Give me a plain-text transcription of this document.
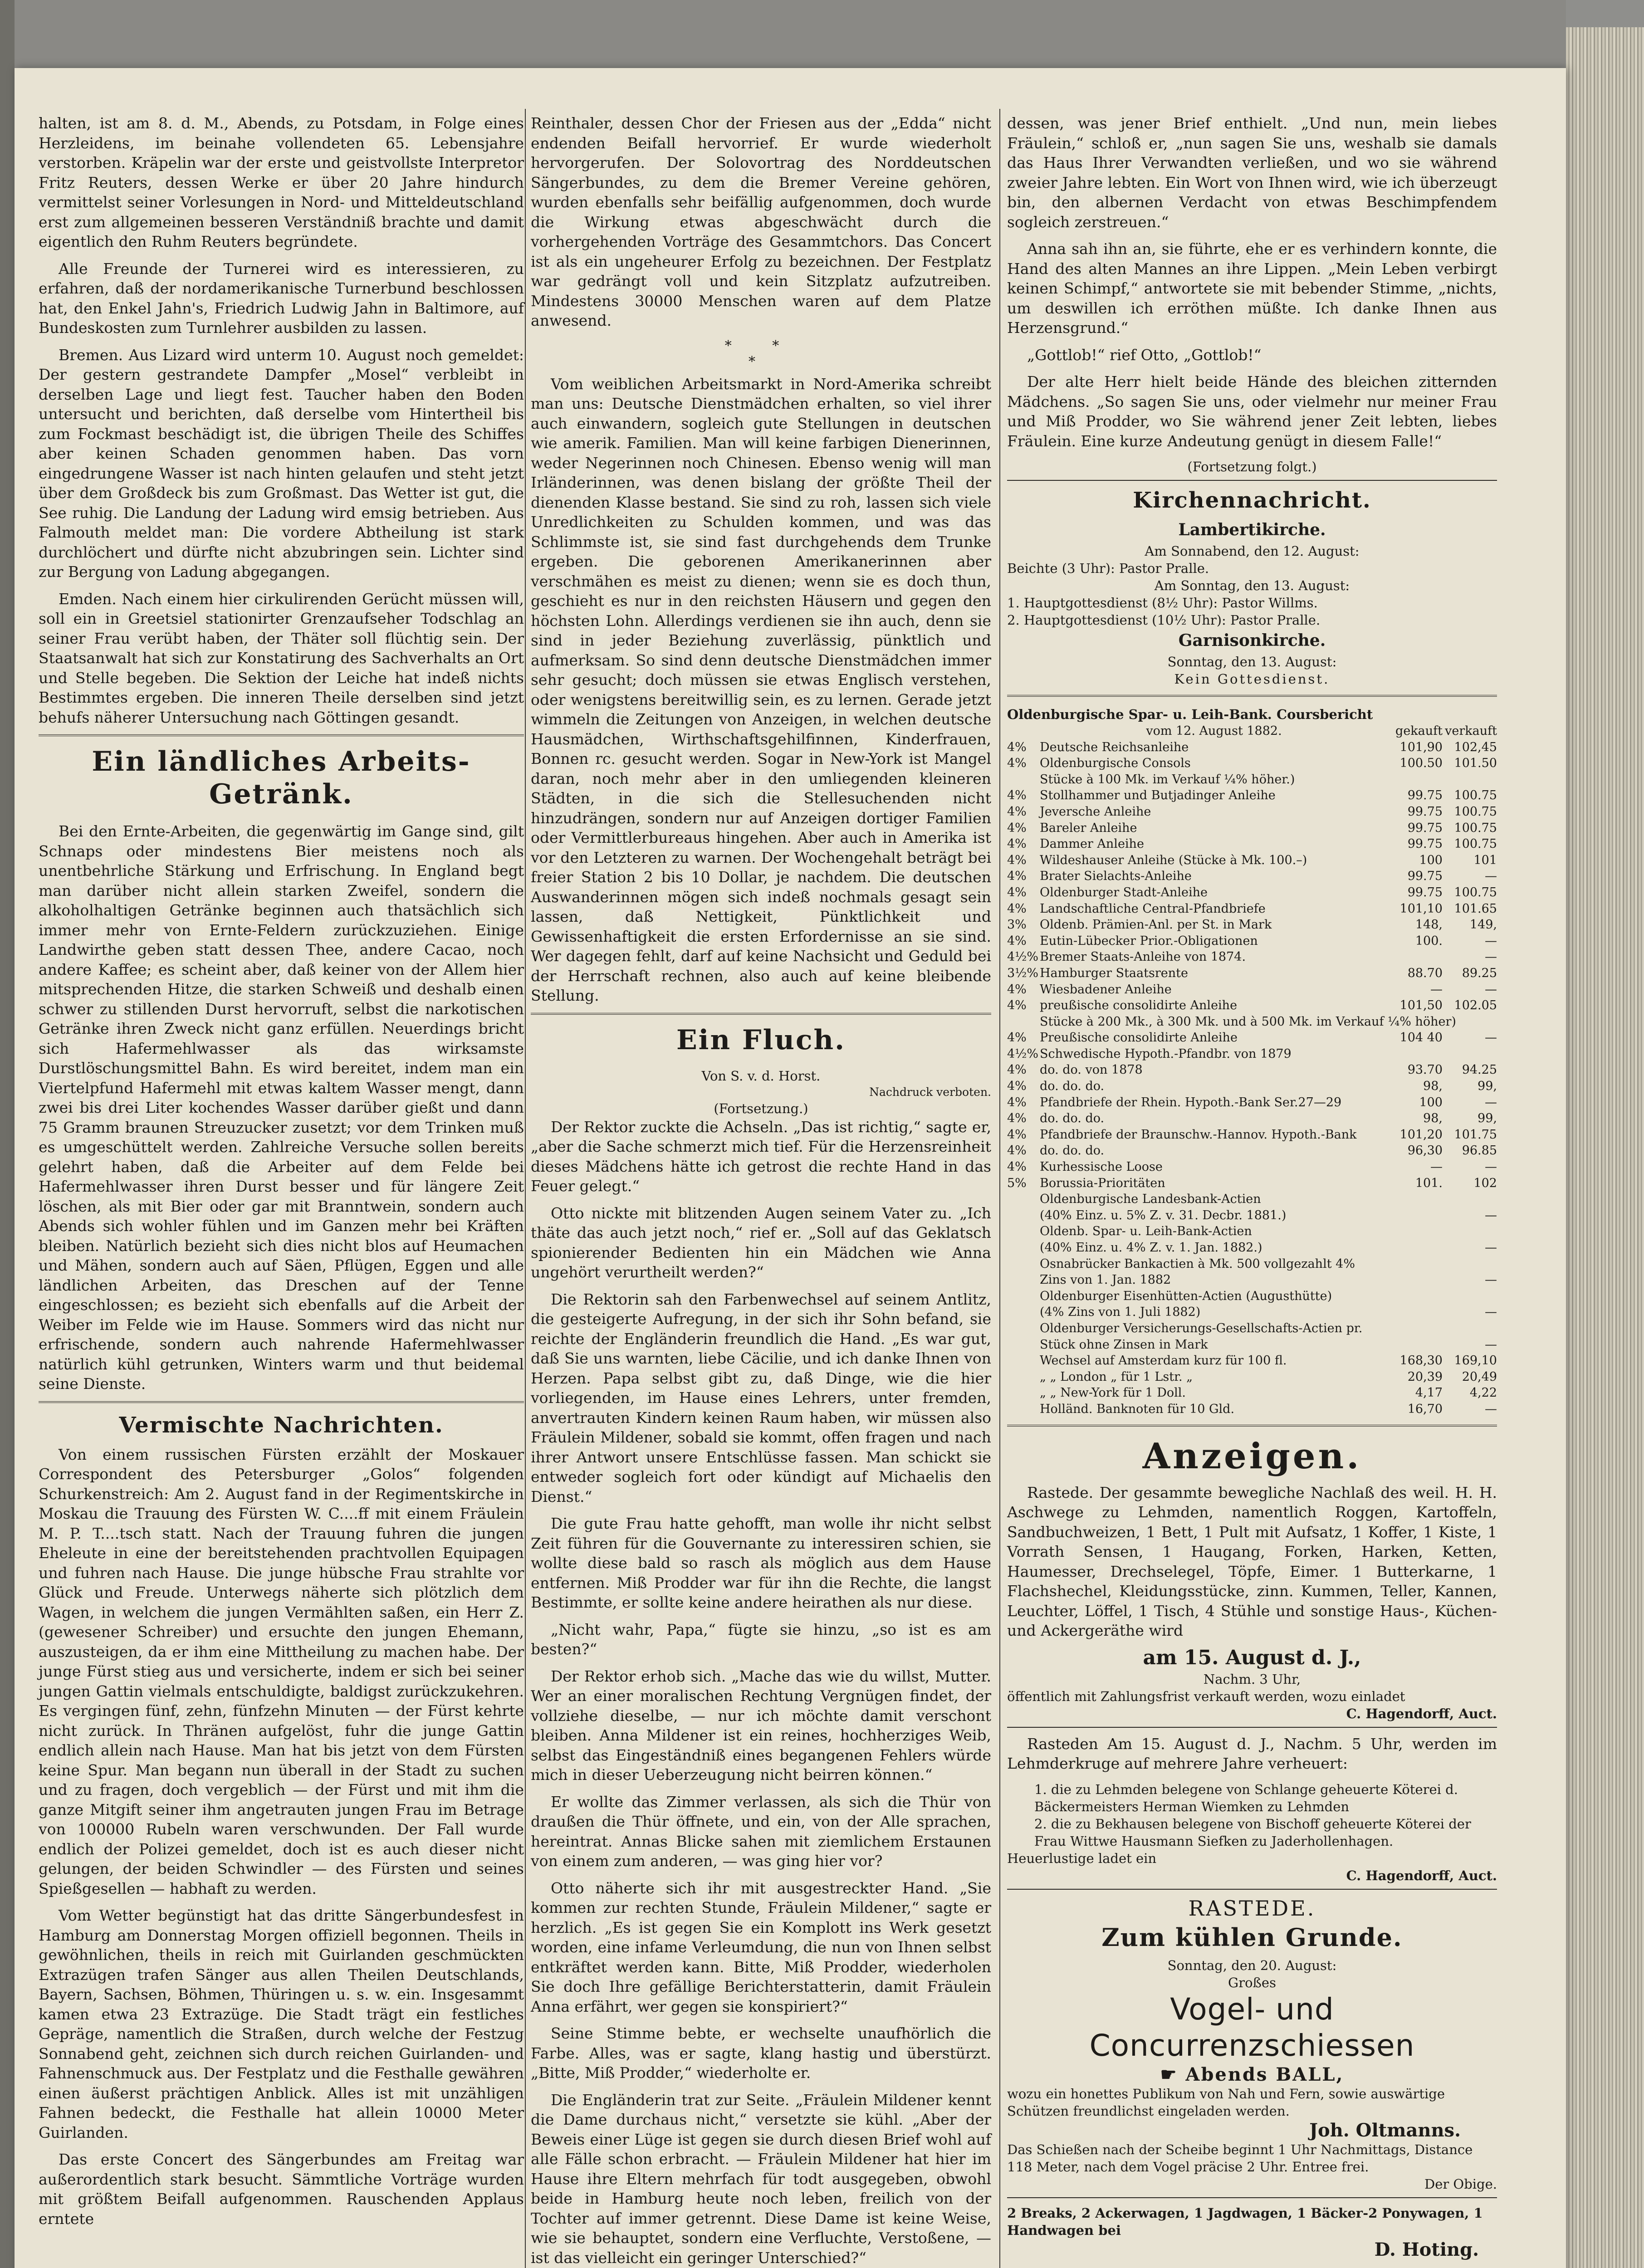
halten, ist am 8. d. M., Abends, zu Potsdam, in Folge eines Herzleidens, im beinahe vollendeten 65. Lebensjahre verstorben. Kräpelin war der erste und geistvollste Interpretor Fritz Reuters, dessen Werke er über 20 Jahre hindurch vermittelst seiner Vorlesungen in Nord- und Mitteldeutschland erst zum allgemeinen besseren Verständniß brachte und damit eigentlich den Ruhm Reuters begründete.

Alle Freunde der Turnerei wird es interessieren, zu erfahren, daß der nordamerikanische Turnerbund beschlossen hat, den Enkel Jahn's, Friedrich Ludwig Jahn in Baltimore, auf Bundeskosten zum Turnlehrer ausbilden zu lassen.

Bremen. Aus Lizard wird unterm 10. August noch gemeldet: Der gestern gestrandete Dampfer „Mosel“ verbleibt in derselben Lage und liegt fest. Taucher haben den Boden untersucht und berichten, daß derselbe vom Hintertheil bis zum Fockmast beschädigt ist, die übrigen Theile des Schiffes aber keinen Schaden genommen haben. Das vorn eingedrungene Wasser ist nach hinten gelaufen und steht jetzt über dem Großdeck bis zum Großmast. Das Wetter ist gut, die See ruhig. Die Landung der Ladung wird emsig betrieben. Aus Falmouth meldet man: Die vordere Abtheilung ist stark durchlöchert und dürfte nicht abzubringen sein. Lichter sind zur Bergung von Ladung abgegangen.

Emden. Nach einem hier cirkulirenden Gerücht müssen will, soll ein in Greetsiel stationirter Grenzaufseher Todschlag an seiner Frau verübt haben, der Thäter soll flüchtig sein. Der Staatsanwalt hat sich zur Konstatirung des Sachverhalts an Ort und Stelle begeben. Die Sektion der Leiche hat indeß nichts Bestimmtes ergeben. Die inneren Theile derselben sind jetzt behufs näherer Untersuchung nach Göttingen gesandt.

Ein ländliches Arbeits-Getränk.

Bei den Ernte-Arbeiten, die gegenwärtig im Gange sind, gilt Schnaps oder mindestens Bier meistens noch als unentbehrliche Stärkung und Erfrischung. In England begt man darüber nicht allein starken Zweifel, sondern die alkoholhaltigen Getränke beginnen auch thatsächlich sich immer mehr von Ernte-Feldern zurückzuziehen. Einige Landwirthe geben statt dessen Thee, andere Cacao, noch andere Kaffee; es scheint aber, daß keiner von der Allem hier mitsprechenden Hitze, die starken Schweiß und deshalb einen schwer zu stillenden Durst hervorruft, selbst die narkotischen Getränke ihren Zweck nicht ganz erfüllen. Neuerdings bricht sich Hafermehlwasser als das wirksamste Durstlöschungsmittel Bahn. Es wird bereitet, indem man ein Viertelpfund Hafermehl mit etwas kaltem Wasser mengt, dann zwei bis drei Liter kochendes Wasser darüber gießt und dann 75 Gramm braunen Streuzucker zusetzt; vor dem Trinken muß es umgeschüttelt werden. Zahlreiche Versuche sollen bereits gelehrt haben, daß die Arbeiter auf dem Felde bei Hafermehlwasser ihren Durst besser und für längere Zeit löschen, als mit Bier oder gar mit Branntwein, sondern auch Abends sich wohler fühlen und im Ganzen mehr bei Kräften bleiben. Natürlich bezieht sich dies nicht blos auf Heumachen und Mähen, sondern auch auf Säen, Pflügen, Eggen und alle ländlichen Arbeiten, das Dreschen auf der Tenne eingeschlossen; es bezieht sich ebenfalls auf die Arbeit der Weiber im Felde wie im Hause. Sommers wird das nicht nur erfrischende, sondern auch nahrende Hafermehlwasser natürlich kühl getrunken, Winters warm und thut beidemal seine Dienste.

Vermischte Nachrichten.

Von einem russischen Fürsten erzählt der Moskauer Correspondent des Petersburger „Golos“ folgenden Schurkenstreich: Am 2. August fand in der Regimentskirche in Moskau die Trauung des Fürsten W. C....ff mit einem Fräulein M. P. T....tsch statt. Nach der Trauung fuhren die jungen Eheleute in eine der bereitstehenden prachtvollen Equipagen und fuhren nach Hause. Die junge hübsche Frau strahlte vor Glück und Freude. Unterwegs näherte sich plötzlich dem Wagen, in welchem die jungen Vermählten saßen, ein Herr Z. (gewesener Schreiber) und ersuchte den jungen Ehemann, auszusteigen, da er ihm eine Mittheilung zu machen habe. Der junge Fürst stieg aus und versicherte, indem er sich bei seiner jungen Gattin vielmals entschuldigte, baldigst zurückzukehren. Es vergingen fünf, zehn, fünfzehn Minuten — der Fürst kehrte nicht zurück. In Thränen aufgelöst, fuhr die junge Gattin endlich allein nach Hause. Man hat bis jetzt von dem Fürsten keine Spur. Man begann nun überall in der Stadt zu suchen und zu fragen, doch vergeblich — der Fürst und mit ihm die ganze Mitgift seiner ihm angetrauten jungen Frau im Betrage von 100000 Rubeln waren verschwunden. Der Fall wurde endlich der Polizei gemeldet, doch ist es auch dieser nicht gelungen, der beiden Schwindler — des Fürsten und seines Spießgesellen — habhaft zu werden.

Vom Wetter begünstigt hat das dritte Sängerbundesfest in Hamburg am Donnerstag Morgen offiziell begonnen. Theils in gewöhnlichen, theils in reich mit Guirlanden geschmückten Extrazügen trafen Sänger aus allen Theilen Deutschlands, Bayern, Sachsen, Böhmen, Thüringen u. s. w. ein. Insgesammt kamen etwa 23 Extrazüge. Die Stadt trägt ein festliches Gepräge, namentlich die Straßen, durch welche der Festzug Sonnabend geht, zeichnen sich durch reichen Guirlanden- und Fahnenschmuck aus. Der Festplatz und die Festhalle gewähren einen äußerst prächtigen Anblick. Alles ist mit unzähligen Fahnen bedeckt, die Festhalle hat allein 10000 Meter Guirlanden.

Das erste Concert des Sängerbundes am Freitag war außerordentlich stark besucht. Sämmtliche Vorträge wurden mit größtem Beifall aufgenommen. Rauschenden Applaus erntete

Reinthaler, dessen Chor der Friesen aus der „Edda“ nicht endenden Beifall hervorrief. Er wurde wiederholt hervorgerufen. Der Solovortrag des Norddeutschen Sängerbundes, zu dem die Bremer Vereine gehören, wurden ebenfalls sehr beifällig aufgenommen, doch wurde die Wirkung etwas abgeschwächt durch die vorhergehenden Vorträge des Gesammtchors. Das Concert ist als ein ungeheurer Erfolg zu bezeichnen. Der Festplatz war gedrängt voll und kein Sitzplatz aufzutreiben. Mindestens 30000 Menschen waren auf dem Platze anwesend.

* *
*

Vom weiblichen Arbeitsmarkt in Nord-Amerika schreibt man uns: Deutsche Dienstmädchen erhalten, so viel ihrer auch einwandern, sogleich gute Stellungen in deutschen wie amerik. Familien. Man will keine farbigen Dienerinnen, weder Negerinnen noch Chinesen. Ebenso wenig will man Irländerinnen, was denen bislang der größte Theil der dienenden Klasse bestand. Sie sind zu roh, lassen sich viele Unredlichkeiten zu Schulden kommen, und was das Schlimmste ist, sie sind fast durchgehends dem Trunke ergeben. Die geborenen Amerikanerinnen aber verschmähen es meist zu dienen; wenn sie es doch thun, geschieht es nur in den reichsten Häusern und gegen den höchsten Lohn. Allerdings verdienen sie ihn auch, denn sie sind in jeder Beziehung zuverlässig, pünktlich und aufmerksam. So sind denn deutsche Dienstmädchen immer sehr gesucht; doch müssen sie etwas Englisch verstehen, oder wenigstens bereitwillig sein, es zu lernen. Gerade jetzt wimmeln die Zeitungen von Anzeigen, in welchen deutsche Hausmädchen, Wirthschaftsgehilfinnen, Kinderfrauen, Bonnen rc. gesucht werden. Sogar in New-York ist Mangel daran, noch mehr aber in den umliegenden kleineren Städten, in die sich die Stellesuchenden nicht hinzudrängen, sondern nur auf Anzeigen dortiger Familien oder Vermittlerbureaus hingehen. Aber auch in Amerika ist vor den Letzteren zu warnen. Der Wochengehalt beträgt bei freier Station 2 bis 10 Dollar, je nachdem. Die deutschen Auswanderinnen mögen sich indeß nochmals gesagt sein lassen, daß Nettigkeit, Pünktlichkeit und Gewissenhaftigkeit die ersten Erfordernisse an sie sind. Wer dagegen fehlt, darf auf keine Nachsicht und Geduld bei der Herrschaft rechnen, also auch auf keine bleibende Stellung.

Ein Fluch.
Von S. v. d. Horst.
Nachdruck verboten.
(Fortsetzung.)

Der Rektor zuckte die Achseln. „Das ist richtig,“ sagte er, „aber die Sache schmerzt mich tief. Für die Herzensreinheit dieses Mädchens hätte ich getrost die rechte Hand in das Feuer gelegt.“

Otto nickte mit blitzenden Augen seinem Vater zu. „Ich thäte das auch jetzt noch,“ rief er. „Soll auf das Geklatsch spionierender Bedienten hin ein Mädchen wie Anna ungehört verurtheilt werden?“

Die Rektorin sah den Farbenwechsel auf seinem Antlitz, die gesteigerte Aufregung, in der sich ihr Sohn befand, sie reichte der Engländerin freundlich die Hand. „Es war gut, daß Sie uns warnten, liebe Cäcilie, und ich danke Ihnen von Herzen. Papa selbst gibt zu, daß Dinge, wie die hier vorliegenden, im Hause eines Lehrers, unter fremden, anvertrauten Kindern keinen Raum haben, wir müssen also Fräulein Mildener, sobald sie kommt, offen fragen und nach ihrer Antwort unsere Entschlüsse fassen. Man schickt sie entweder sogleich fort oder kündigt auf Michaelis den Dienst.“

Die gute Frau hatte gehofft, man wolle ihr nicht selbst Zeit führen für die Gouvernante zu interessiren schien, sie wollte diese bald so rasch als möglich aus dem Hause entfernen. Miß Prodder war für ihn die Rechte, die langst Bestimmte, er sollte keine andere heirathen als nur diese.

„Nicht wahr, Papa,“ fügte sie hinzu, „so ist es am besten?“

Der Rektor erhob sich. „Mache das wie du willst, Mutter. Wer an einer moralischen Rechtung Vergnügen findet, der vollziehe dieselbe, — nur ich möchte damit verschont bleiben. Anna Mildener ist ein reines, hochherziges Weib, selbst das Eingeständniß eines begangenen Fehlers würde mich in dieser Ueberzeugung nicht beirren können.“

Er wollte das Zimmer verlassen, als sich die Thür von draußen die Thür öffnete, und ein, von der Alle sprachen, hereintrat. Annas Blicke sahen mit ziemlichem Erstaunen von einem zum anderen, — was ging hier vor?

Otto näherte sich ihr mit ausgestreckter Hand. „Sie kommen zur rechten Stunde, Fräulein Mildener,“ sagte er herzlich. „Es ist gegen Sie ein Komplott ins Werk gesetzt worden, eine infame Verleumdung, die nun von Ihnen selbst entkräftet werden kann. Bitte, Miß Prodder, wiederholen Sie doch Ihre gefällige Berichterstatterin, damit Fräulein Anna erfährt, wer gegen sie konspiriert?“

Seine Stimme bebte, er wechselte unaufhörlich die Farbe. Alles, was er sagte, klang hastig und überstürzt. „Bitte, Miß Prodder,“ wiederholte er.

Die Engländerin trat zur Seite. „Fräulein Mildener kennt die Dame durchaus nicht,“ versetzte sie kühl. „Aber der Beweis einer Lüge ist gegen sie durch diesen Brief wohl auf alle Fälle schon erbracht. — Fräulein Mildener hat hier im Hause ihre Eltern mehrfach für todt ausgegeben, obwohl beide in Hamburg heute noch leben, freilich von der Tochter auf immer getrennt. Diese Dame ist keine Weise, wie sie behauptet, sondern eine Verfluchte, Verstoßene, — ist das vielleicht ein geringer Unterschied?“

dessen, was jener Brief enthielt. „Und nun, mein liebes Fräulein,“ schloß er, „nun sagen Sie uns, weshalb sie damals das Haus Ihrer Verwandten verließen, und wo sie während zweier Jahre lebten. Ein Wort von Ihnen wird, wie ich überzeugt bin, den albernen Verdacht von etwas Beschimpfendem sogleich zerstreuen.“

Anna sah ihn an, sie führte, ehe er es verhindern konnte, die Hand des alten Mannes an ihre Lippen. „Mein Leben verbirgt keinen Schimpf,“ antwortete sie mit bebender Stimme, „nichts, um deswillen ich erröthen müßte. Ich danke Ihnen aus Herzensgrund.“

„Gottlob!“ rief Otto, „Gottlob!“

Der alte Herr hielt beide Hände des bleichen zitternden Mädchens. „So sagen Sie uns, oder vielmehr nur meiner Frau und Miß Prodder, wo Sie während jener Zeit lebten, liebes Fräulein. Eine kurze Andeutung genügt in diesem Falle!“

(Fortsetzung folgt.)
Kirchennachricht.
Lambertikirche.
Am Sonnabend, den 12. August:
Beichte (3 Uhr): Pastor Pralle.
Am Sonntag, den 13. August:
1. Hauptgottesdienst (8½ Uhr): Pastor Willms.
2. Hauptgottesdienst (10½ Uhr): Pastor Pralle.
Garnisonkirche.
Sonntag, den 13. August:
Kein Gottesdienst.
Oldenburgische Spar- u. Leih-Bank. Coursbericht
vom 12. August 1882.	gekauft verkauft
4%	Deutsche Reichsanleihe	101,90 102,45
4%	Oldenburgische Consols	100.50 101.50
Stücke à 100 Mk. im Verkauf ¼% höher.)
4%	Stollhammer und Butjadinger Anleihe	99.75 100.75
4%	Jeversche Anleihe	99.75 100.75
4%	Bareler Anleihe	99.75 100.75
4%	Dammer Anleihe	99.75 100.75
4%	Wildeshauser Anleihe (Stücke à Mk. 100.–)	100	101
4%	Brater Sielachts-Anleihe	99.75	—
4%	Oldenburger Stadt-Anleihe	99.75 100.75
4%	Landschaftliche Central-Pfandbriefe	101,10 101.65
3%	Oldenb. Prämien-Anl. per St. in Mark	148,	149,
4%	Eutin-Lübecker Prior.-Obligationen	100.	—
4½% Bremer Staats-Anleihe von 1874.	—
3½% Hamburger Staatsrente	88.70	89.25
4%	Wiesbadener Anleihe	—	—
4%	preußische consolidirte Anleihe	101,50 102.05
Stücke à 200 Mk., à 300 Mk. und à 500 Mk. im Verkauf ¼% höher)
4%	Preußische consolidirte Anleihe	104 40	—
4½% Schwedische Hypoth.-Pfandbr. von 1879
4%	do. do. von 1878	93.70	94.25
4%	do. do. do.	98,	99,
4%	Pfandbriefe der Rhein. Hypoth.-Bank Ser.27—29	100	—
4%	do. do. do.	98,	99,
4%	Pfandbriefe der Braunschw.-Hannov. Hypoth.-Bank	101,20 101.75
4%	do. do. do.	96,30	96.85
4%	Kurhessische Loose	—	—
5%	Borussia-Prioritäten	101.	102
Oldenburgische Landesbank-Actien
(40% Einz. u. 5% Z. v. 31. Decbr. 1881.)	—
Oldenb. Spar- u. Leih-Bank-Actien
(40% Einz. u. 4% Z. v. 1. Jan. 1882.)	—
Osnabrücker Bankactien à Mk. 500 vollgezahlt 4%
Zins von 1. Jan. 1882	—
Oldenburger Eisenhütten-Actien (Augusthütte)
(4% Zins von 1. Juli 1882)	—
Oldenburger Versicherungs-Gesellschafts-Actien pr.
Stück ohne Zinsen in Mark	—
Wechsel auf Amsterdam kurz für 100 fl.	168,30 169,10
„ „ London „ für 1 Lstr. „	20,39	20,49
„ „ New-York für 1 Doll.	4,17	4,22
Holländ. Banknoten für 10 Gld.	16,70	—
Anzeigen.

Rastede. Der gesammte bewegliche Nachlaß des weil. H. H. Aschwege zu Lehmden, namentlich Roggen, Kartoffeln, Sandbuchweizen, 1 Bett, 1 Pult mit Aufsatz, 1 Koffer, 1 Kiste, 1 Vorrath Sensen, 1 Haugang, Forken, Harken, Ketten, Haumesser, Drechselegel, Töpfe, Eimer. 1 Butterkarne, 1 Flachshechel, Kleidungsstücke, zinn. Kummen, Teller, Kannen, Leuchter, Löffel, 1 Tisch, 4 Stühle und sonstige Haus-, Küchen- und Ackergeräthe wird

am 15. August d. J.,
Nachm. 3 Uhr,
öffentlich mit Zahlungsfrist verkauft werden, wozu einladet
C. Hagendorff, Auct.

Rasteden Am 15. August d. J., Nachm. 5 Uhr, werden im Lehmderkruge auf mehrere Jahre verheuert:

1. die zu Lehmden belegene von Schlange geheuerte Köterei d. Bäckermeisters Herman Wiemken zu Lehmden
2. die zu Bekhausen belegene von Bischoff geheuerte Köterei der Frau Wittwe Hausmann Siefken zu Jaderhollenhagen.
Heuerlustige ladet ein
C. Hagendorff, Auct.
RASTEDE.
Zum kühlen Grunde.
Sonntag, den 20. August:
Großes
Vogel- und Concurrenzschiessen
☛ Abends BALL,
wozu ein honettes Publikum von Nah und Fern, sowie auswärtige Schützen freundlichst eingeladen werden.
Joh. Oltmanns.
Das Schießen nach der Scheibe beginnt 1 Uhr Nachmittags, Distance 118 Meter, nach dem Vogel präcise 2 Uhr. Entree frei.
Der Obige.
2 Breaks, 2 Ackerwagen, 1 Jagdwagen, 1 Bäcker-2 Ponywagen, 1 Handwagen bei
D. Hoting.
